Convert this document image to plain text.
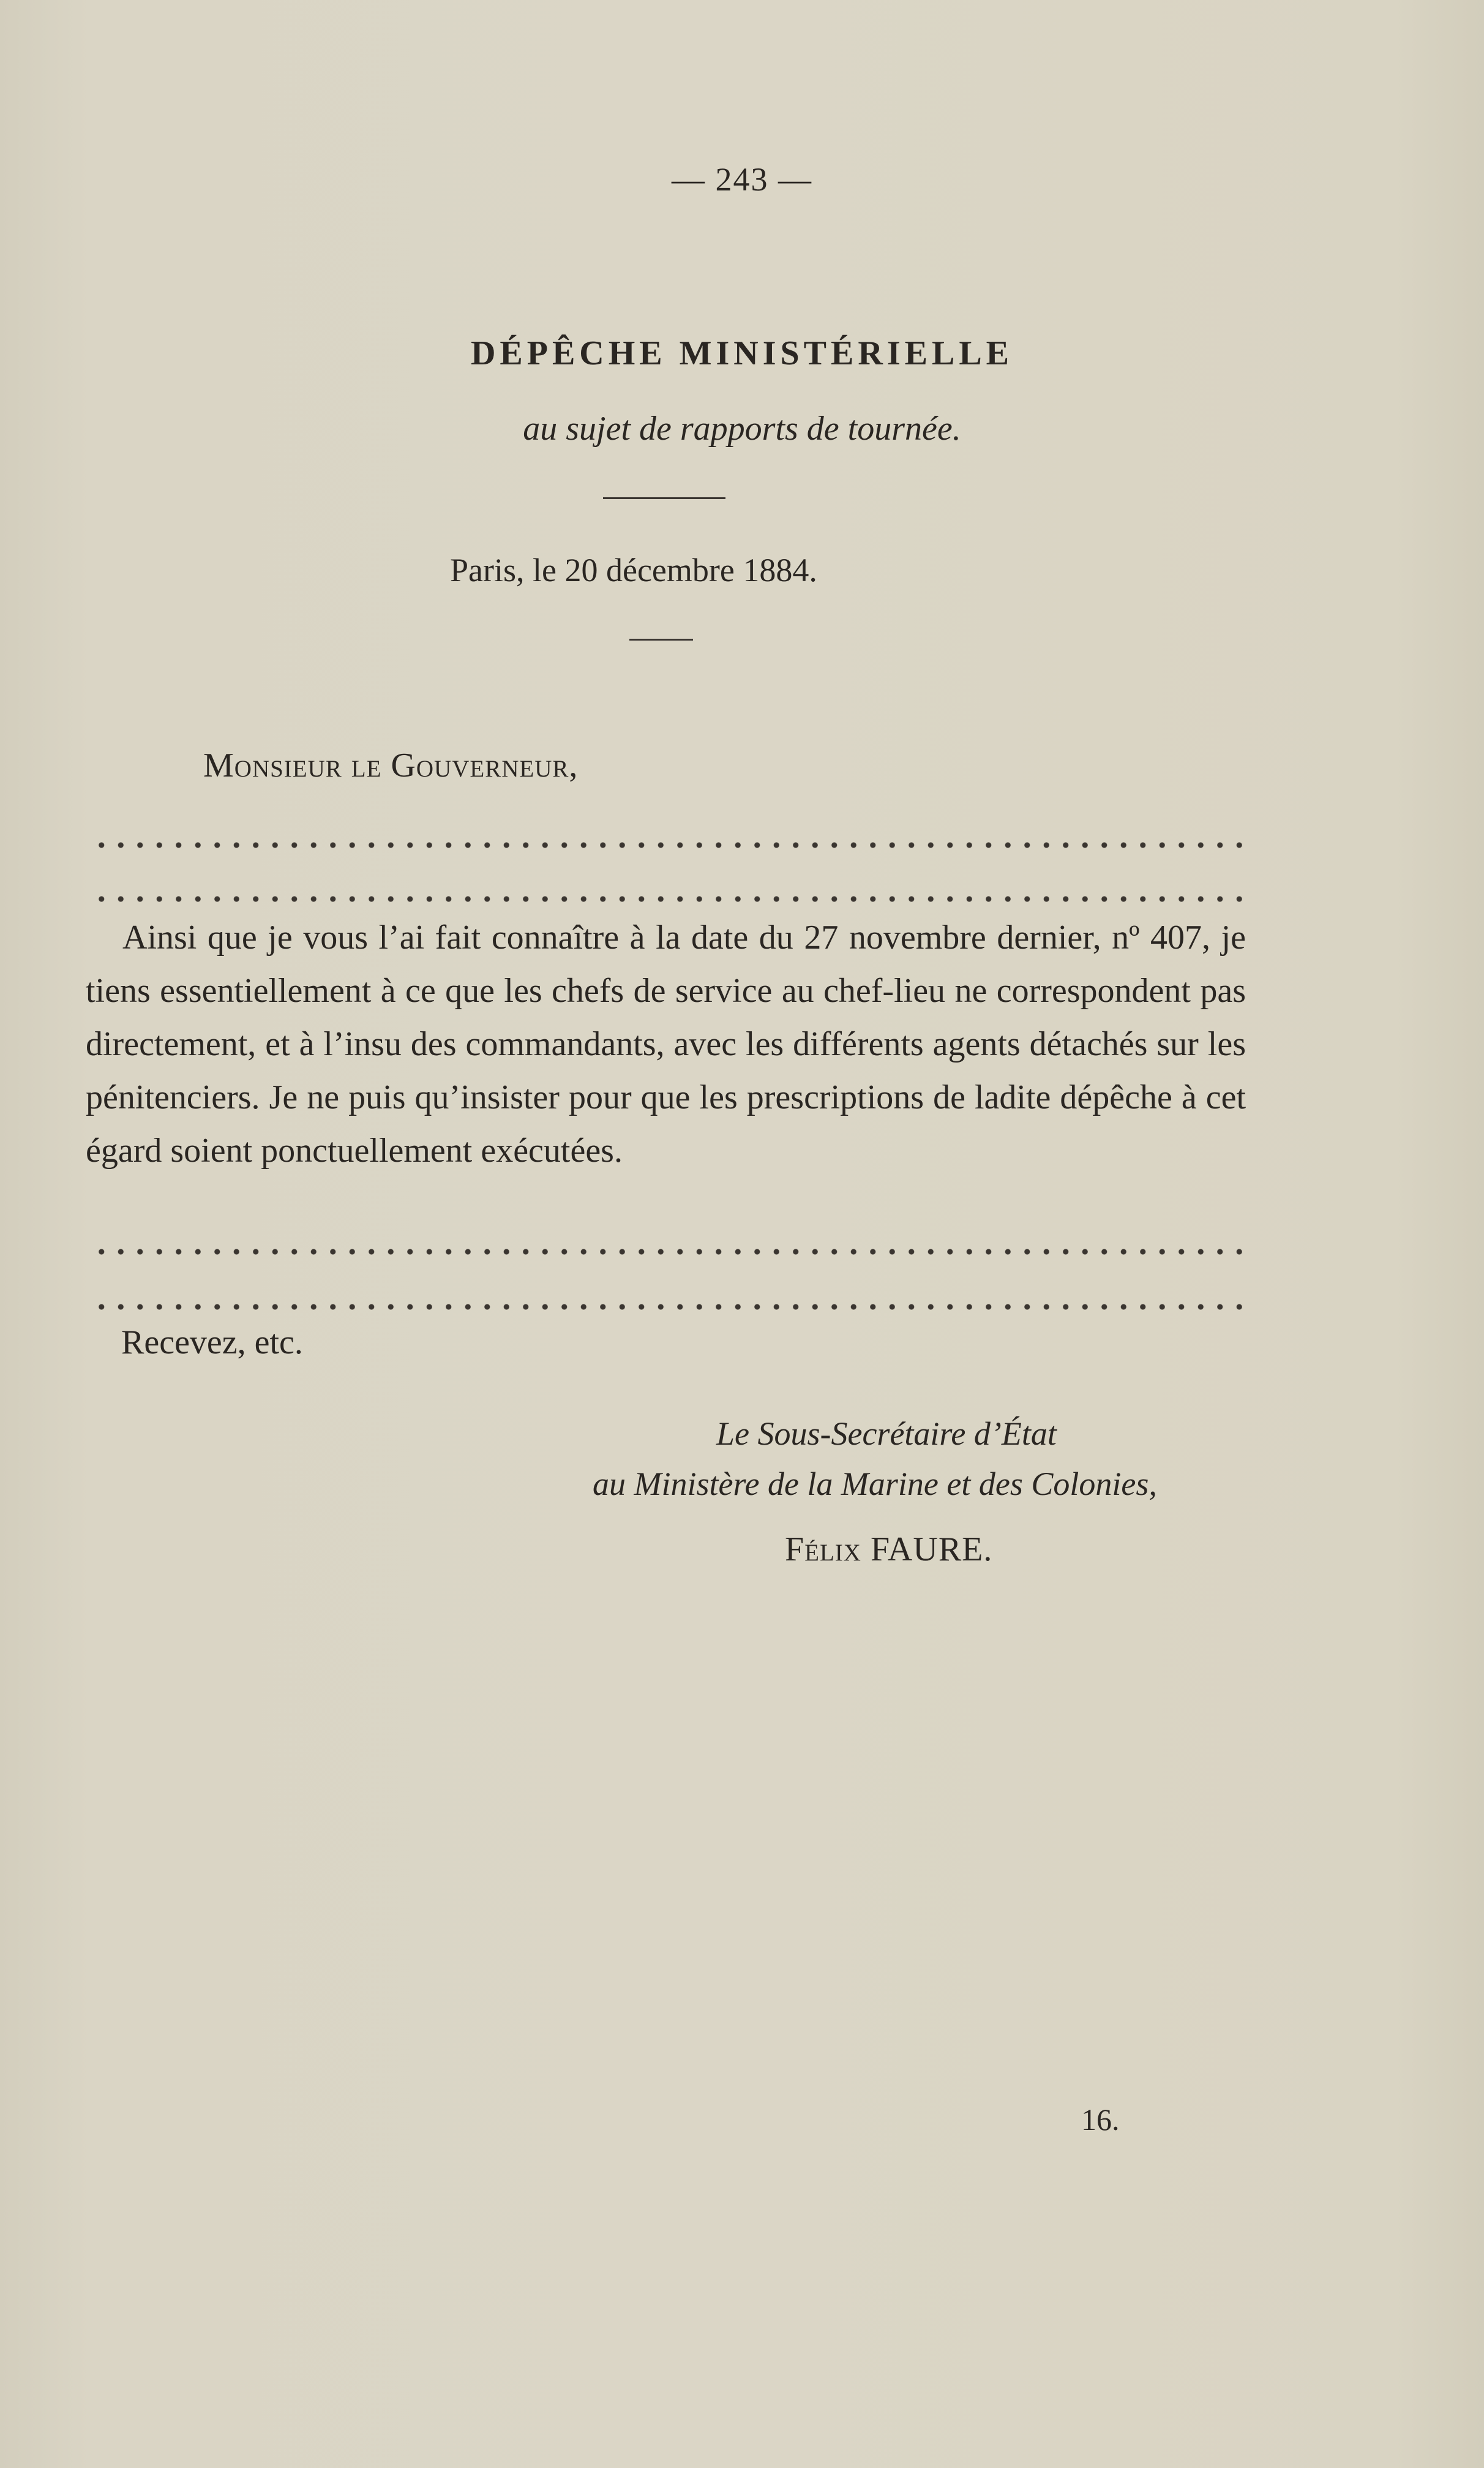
— 243 —
DÉPÊCHE MINISTÉRIELLE
au sujet de rapports de tournée.
Paris, le 20 décembre 1884.
Monsieur le Gouverneur,
Ainsi que je vous l’ai fait connaître à la date du 27 novembre dernier, nº 407, je tiens essentiellement à ce que les chefs de service au chef-lieu ne correspondent pas directement, et à l’insu des commandants, avec les différents agents détachés sur les pénitenciers. Je ne puis qu’insister pour que les prescriptions de ladite dépêche à cet égard soient ponctuellement exécutées.
Recevez, etc.
Le Sous-Secrétaire d’État
au Ministère de la Marine et des Colonies,
Félix FAURE.
16.
